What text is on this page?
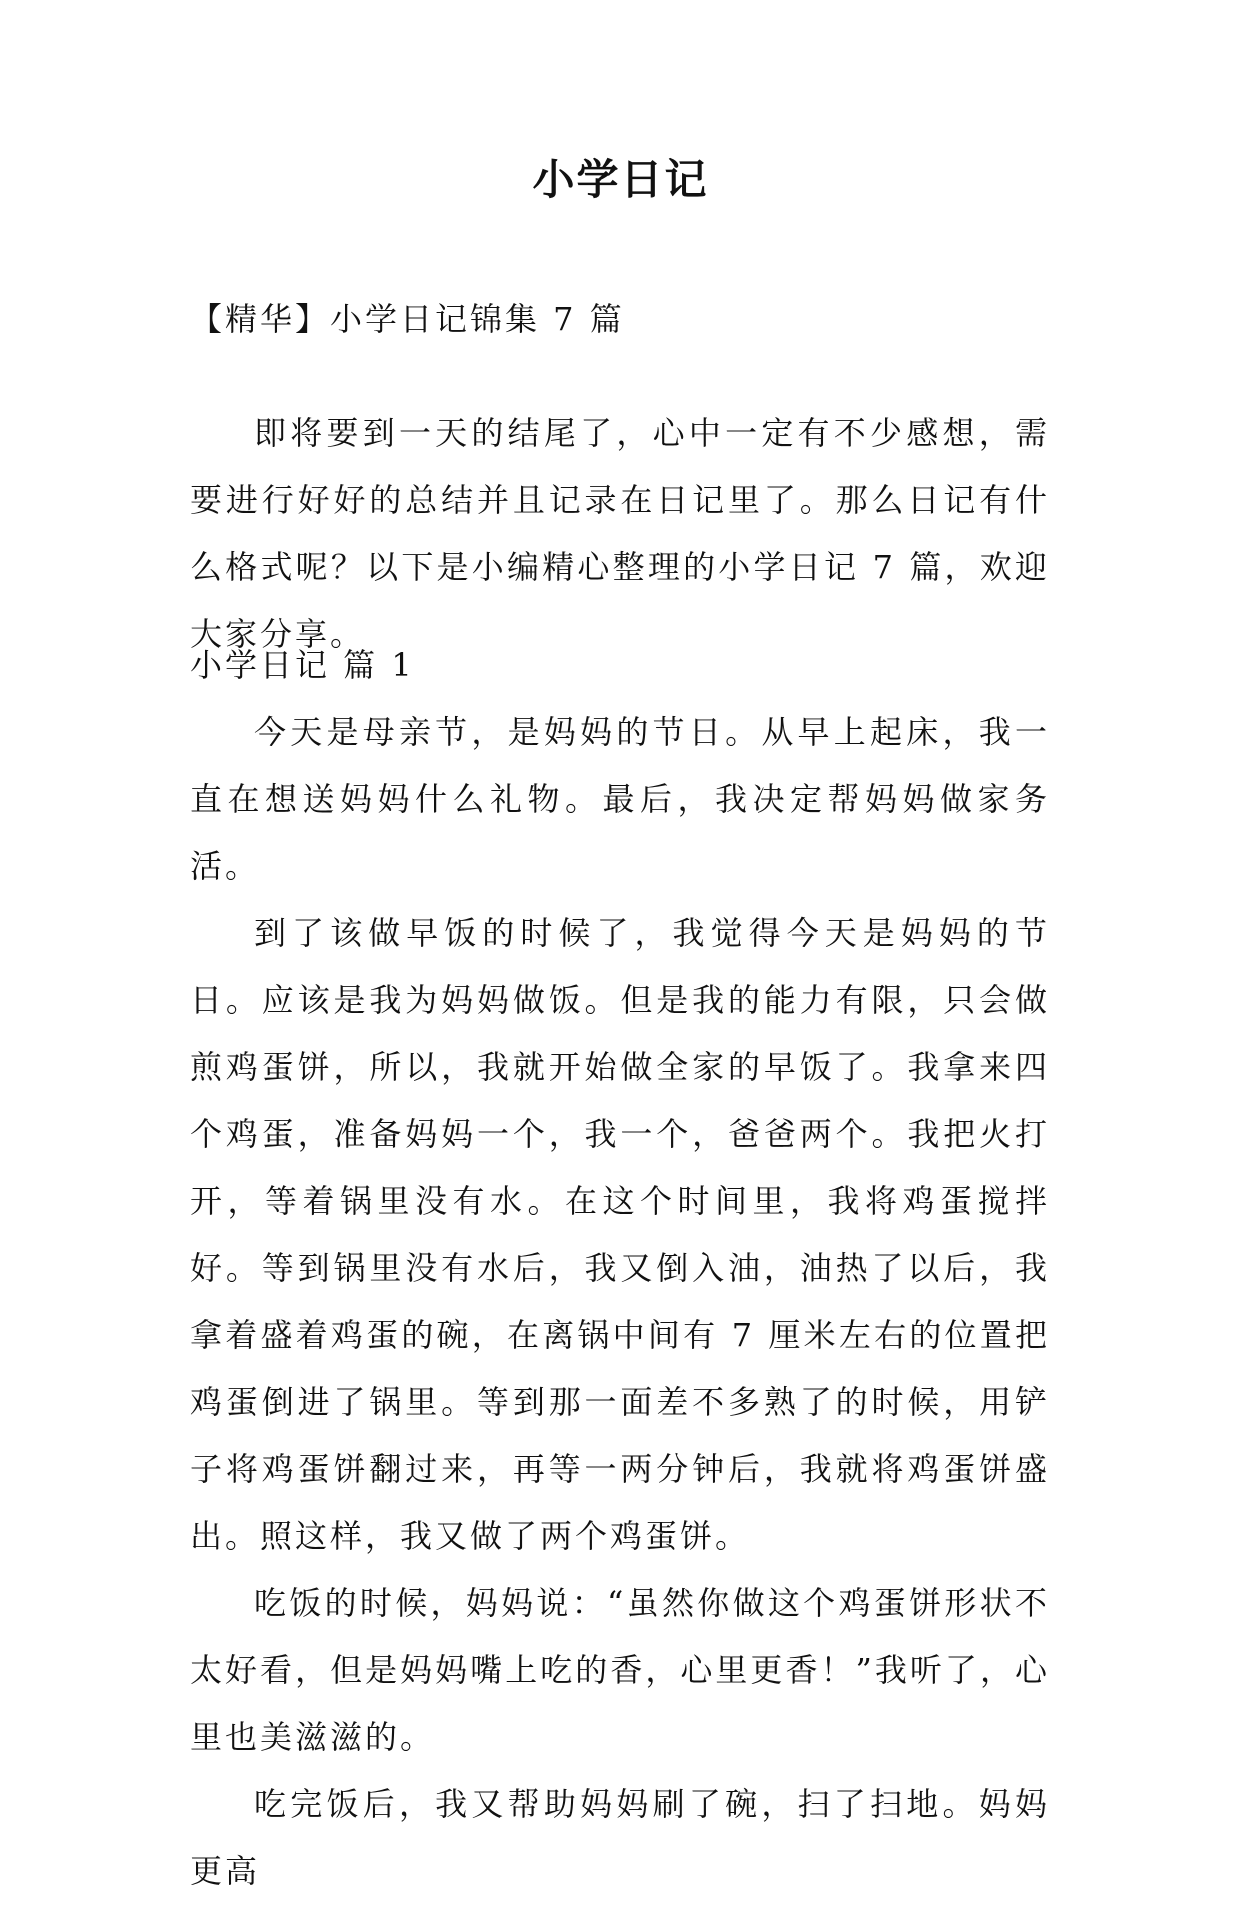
小学日记
【精华】小学日记锦集 7 篇

即将要到一天的结尾了，心中一定有不少感想，需要进行好好的总结并且记录在日记里了。那么日记有什么格式呢？以下是小编精心整理的小学日记 7 篇，欢迎大家分享。

小学日记 篇 1

今天是母亲节，是妈妈的节日。从早上起床，我一直在想送妈妈什么礼物。最后，我决定帮妈妈做家务活。

到了该做早饭的时候了，我觉得今天是妈妈的节日。应该是我为妈妈做饭。但是我的能力有限，只会做煎鸡蛋饼，所以，我就开始做全家的早饭了。我拿来四个鸡蛋，准备妈妈一个，我一个，爸爸两个。我把火打开，等着锅里没有水。在这个时间里，我将鸡蛋搅拌好。等到锅里没有水后，我又倒入油，油热了以后，我拿着盛着鸡蛋的碗，在离锅中间有 7 厘米左右的位置把鸡蛋倒进了锅里。等到那一面差不多熟了的时候，用铲子将鸡蛋饼翻过来，再等一两分钟后，我就将鸡蛋饼盛出。照这样，我又做了两个鸡蛋饼。

吃饭的时候，妈妈说：“虽然你做这个鸡蛋饼形状不太好看，但是妈妈嘴上吃的香，心里更香！”我听了，心里也美滋滋的。

吃完饭后，我又帮助妈妈刷了碗，扫了扫地。妈妈更高
